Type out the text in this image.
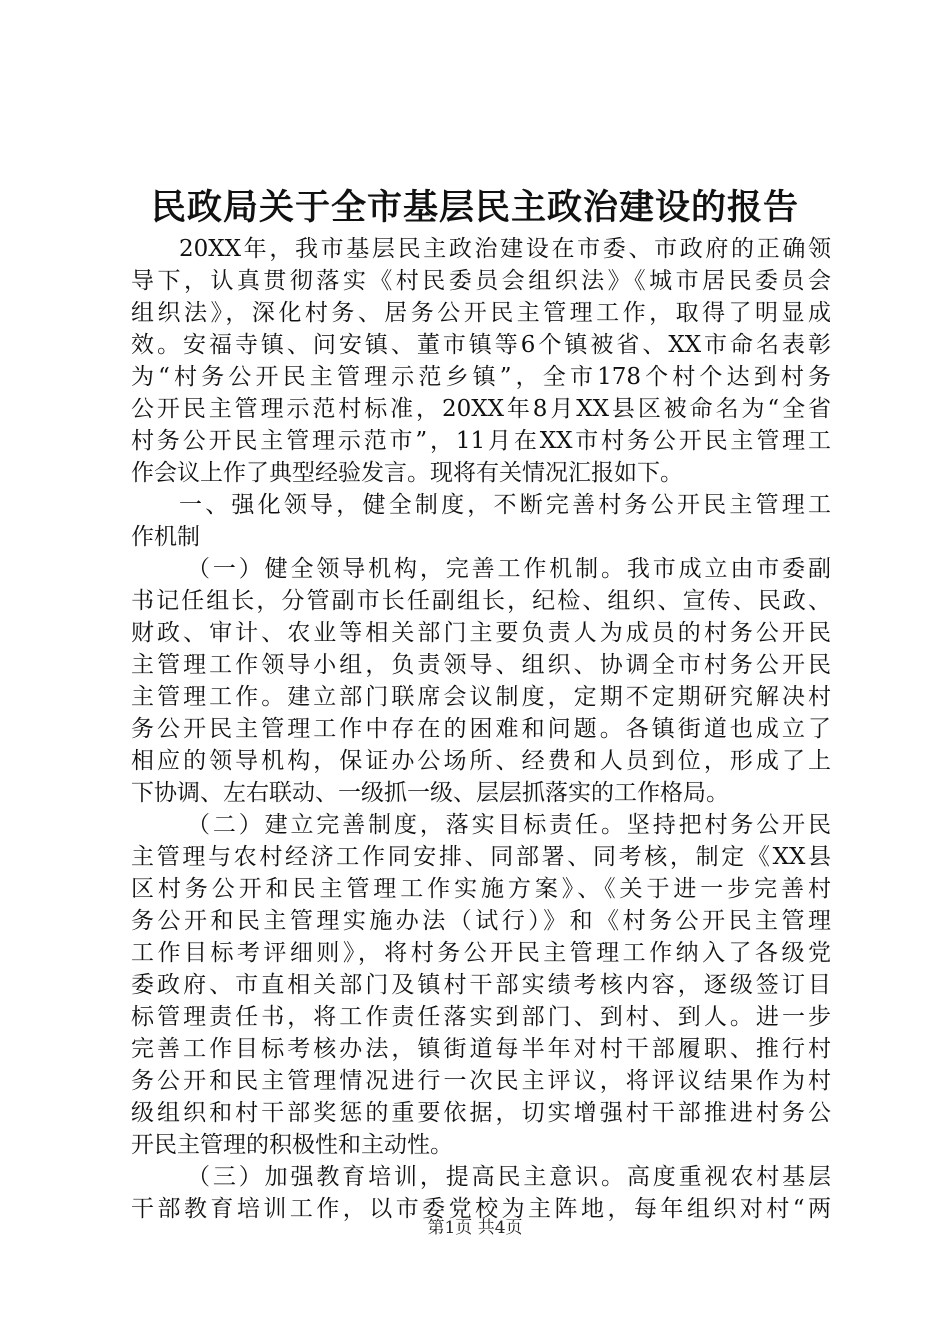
民政局关于全市基层民主政治建设的报告
20XX年，我市基层民主政治建设在市委、市政府的正确领
导下，认真贯彻落实《村民委员会组织法》《城市居民委员会
组织法》，深化村务、居务公开民主管理工作，取得了明显成
效。安福寺镇、问安镇、董市镇等6个镇被省、XX市命名表彰
为“村务公开民主管理示范乡镇”，全市178个村个达到村务
公开民主管理示范村标准，20XX年8月XX县区被命名为“全省
村务公开民主管理示范市”，11月在XX市村务公开民主管理工
作会议上作了典型经验发言。现将有关情况汇报如下。
一、强化领导，健全制度，不断完善村务公开民主管理工
作机制
（一）健全领导机构，完善工作机制。我市成立由市委副
书记任组长，分管副市长任副组长，纪检、组织、宣传、民政、
财政、审计、农业等相关部门主要负责人为成员的村务公开民
主管理工作领导小组，负责领导、组织、协调全市村务公开民
主管理工作。建立部门联席会议制度，定期不定期研究解决村
务公开民主管理工作中存在的困难和问题。各镇街道也成立了
相应的领导机构，保证办公场所、经费和人员到位，形成了上
下协调、左右联动、一级抓一级、层层抓落实的工作格局。
（二）建立完善制度，落实目标责任。坚持把村务公开民
主管理与农村经济工作同安排、同部署、同考核，制定《XX县
区村务公开和民主管理工作实施方案》、《关于进一步完善村
务公开和民主管理实施办法（试行）》和《村务公开民主管理
工作目标考评细则》，将村务公开民主管理工作纳入了各级党
委政府、市直相关部门及镇村干部实绩考核内容，逐级签订目
标管理责任书，将工作责任落实到部门、到村、到人。进一步
完善工作目标考核办法，镇街道每半年对村干部履职、推行村
务公开和民主管理情况进行一次民主评议，将评议结果作为村
级组织和村干部奖惩的重要依据，切实增强村干部推进村务公
开民主管理的积极性和主动性。
（三）加强教育培训，提高民主意识。高度重视农村基层
干部教育培训工作，以市委党校为主阵地，每年组织对村“两
第1页 共4页
